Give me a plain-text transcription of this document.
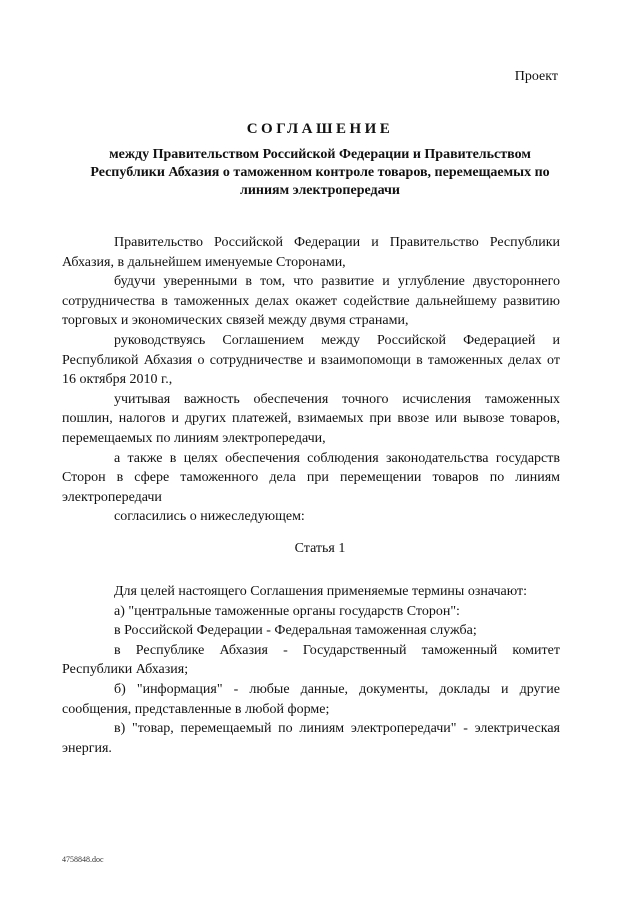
Проект
СОГЛАШЕНИЕ
между Правительством Российской Федерации и Правительством Республики Абхазия о таможенном контроле товаров, перемещаемых по линиям электропередачи

Правительство Российской Федерации и Правительство Республики Абхазия, в дальнейшем именуемые Сторонами,

будучи уверенными в том, что развитие и углубление двустороннего сотрудничества в таможенных делах окажет содействие дальнейшему развитию торговых и экономических связей между двумя странами,

руководствуясь Соглашением между Российской Федерацией и Республикой Абхазия о сотрудничестве и взаимопомощи в таможенных делах от 16 октября 2010 г.,

учитывая важность обеспечения точного исчисления таможенных пошлин, налогов и других платежей, взимаемых при ввозе или вывозе товаров, перемещаемых по линиям электропередачи,

а также в целях обеспечения соблюдения законодательства государств Сторон в сфере таможенного дела при перемещении товаров по линиям электропередачи

согласились о нижеследующем:

Статья 1

Для целей настоящего Соглашения применяемые термины означают:

а) "центральные таможенные органы государств Сторон":

в Российской Федерации - Федеральная таможенная служба;

в Республике Абхазия - Государственный таможенный комитет Республики Абхазия;

б) "информация" - любые данные, документы, доклады и другие сообщения, представленные в любой форме;

в) "товар, перемещаемый по линиям электропередачи" - электрическая энергия.

4758848.doc
